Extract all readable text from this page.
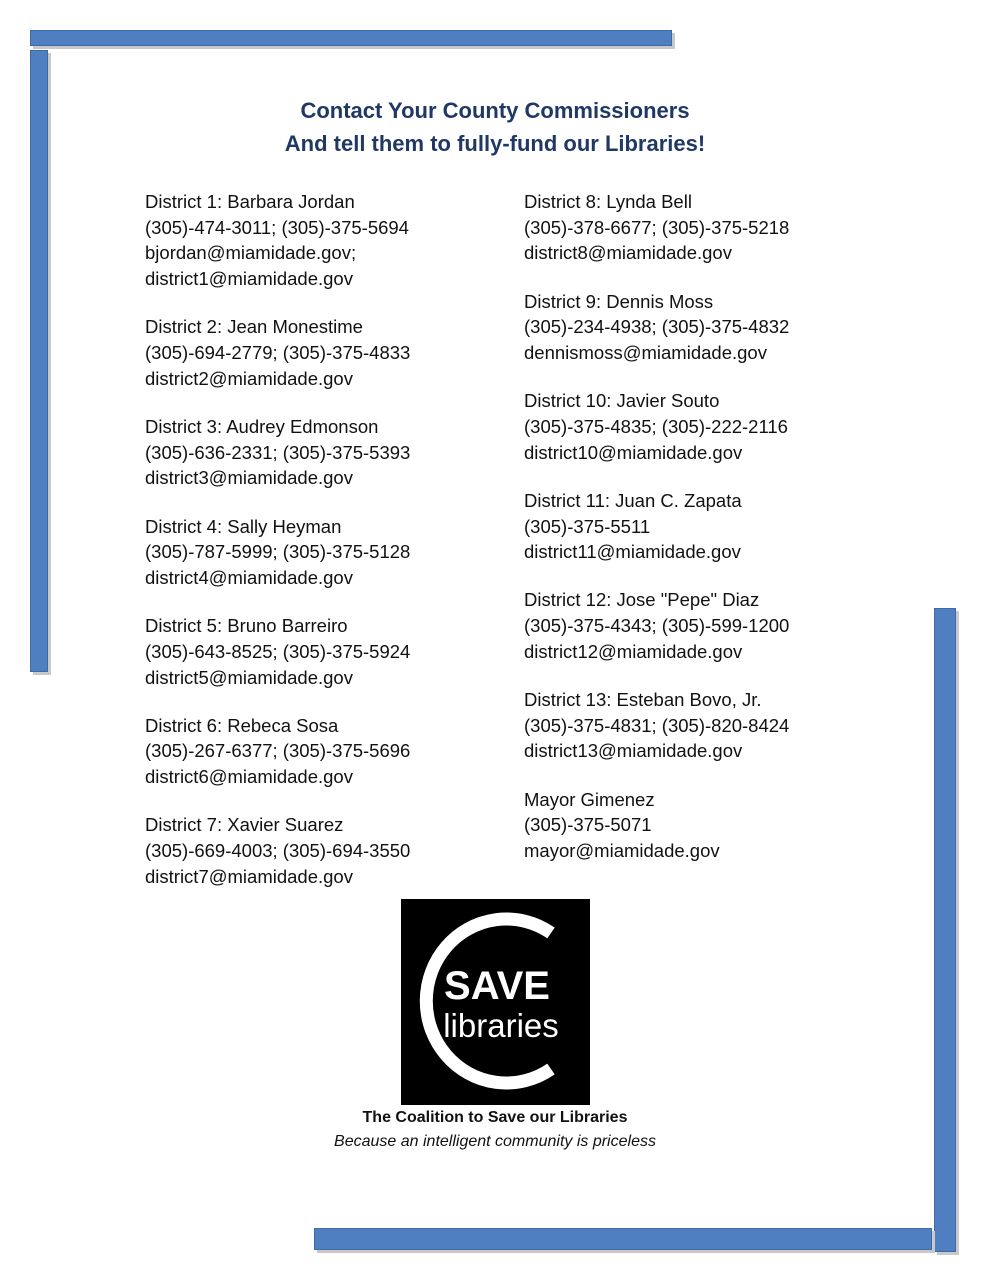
Contact Your County Commissioners
And tell them to fully-fund our Libraries!
District 1: Barbara Jordan
(305)-474-3011; (305)-375-5694
bjordan@miamidade.gov;
district1@miamidade.gov
District 2: Jean Monestime
(305)-694-2779; (305)-375-4833
district2@miamidade.gov
District 3: Audrey Edmonson
(305)-636-2331; (305)-375-5393
district3@miamidade.gov
District 4: Sally Heyman
(305)-787-5999; (305)-375-5128
district4@miamidade.gov
District 5: Bruno Barreiro
(305)-643-8525; (305)-375-5924
district5@miamidade.gov
District 6: Rebeca Sosa
(305)-267-6377; (305)-375-5696
district6@miamidade.gov
District 7: Xavier Suarez
(305)-669-4003; (305)-694-3550
district7@miamidade.gov
District 8: Lynda Bell
(305)-378-6677; (305)-375-5218
district8@miamidade.gov
District 9: Dennis Moss
(305)-234-4938; (305)-375-4832
dennismoss@miamidade.gov
District 10: Javier Souto
(305)-375-4835; (305)-222-2116
district10@miamidade.gov
District 11: Juan C. Zapata
(305)-375-5511
district11@miamidade.gov
District 12: Jose "Pepe" Diaz
(305)-375-4343; (305)-599-1200
district12@miamidade.gov
District 13: Esteban Bovo, Jr.
(305)-375-4831; (305)-820-8424
district13@miamidade.gov
Mayor Gimenez
(305)-375-5071
mayor@miamidade.gov
SAVE
libraries
The Coalition to Save our Libraries
Because an intelligent community is priceless
